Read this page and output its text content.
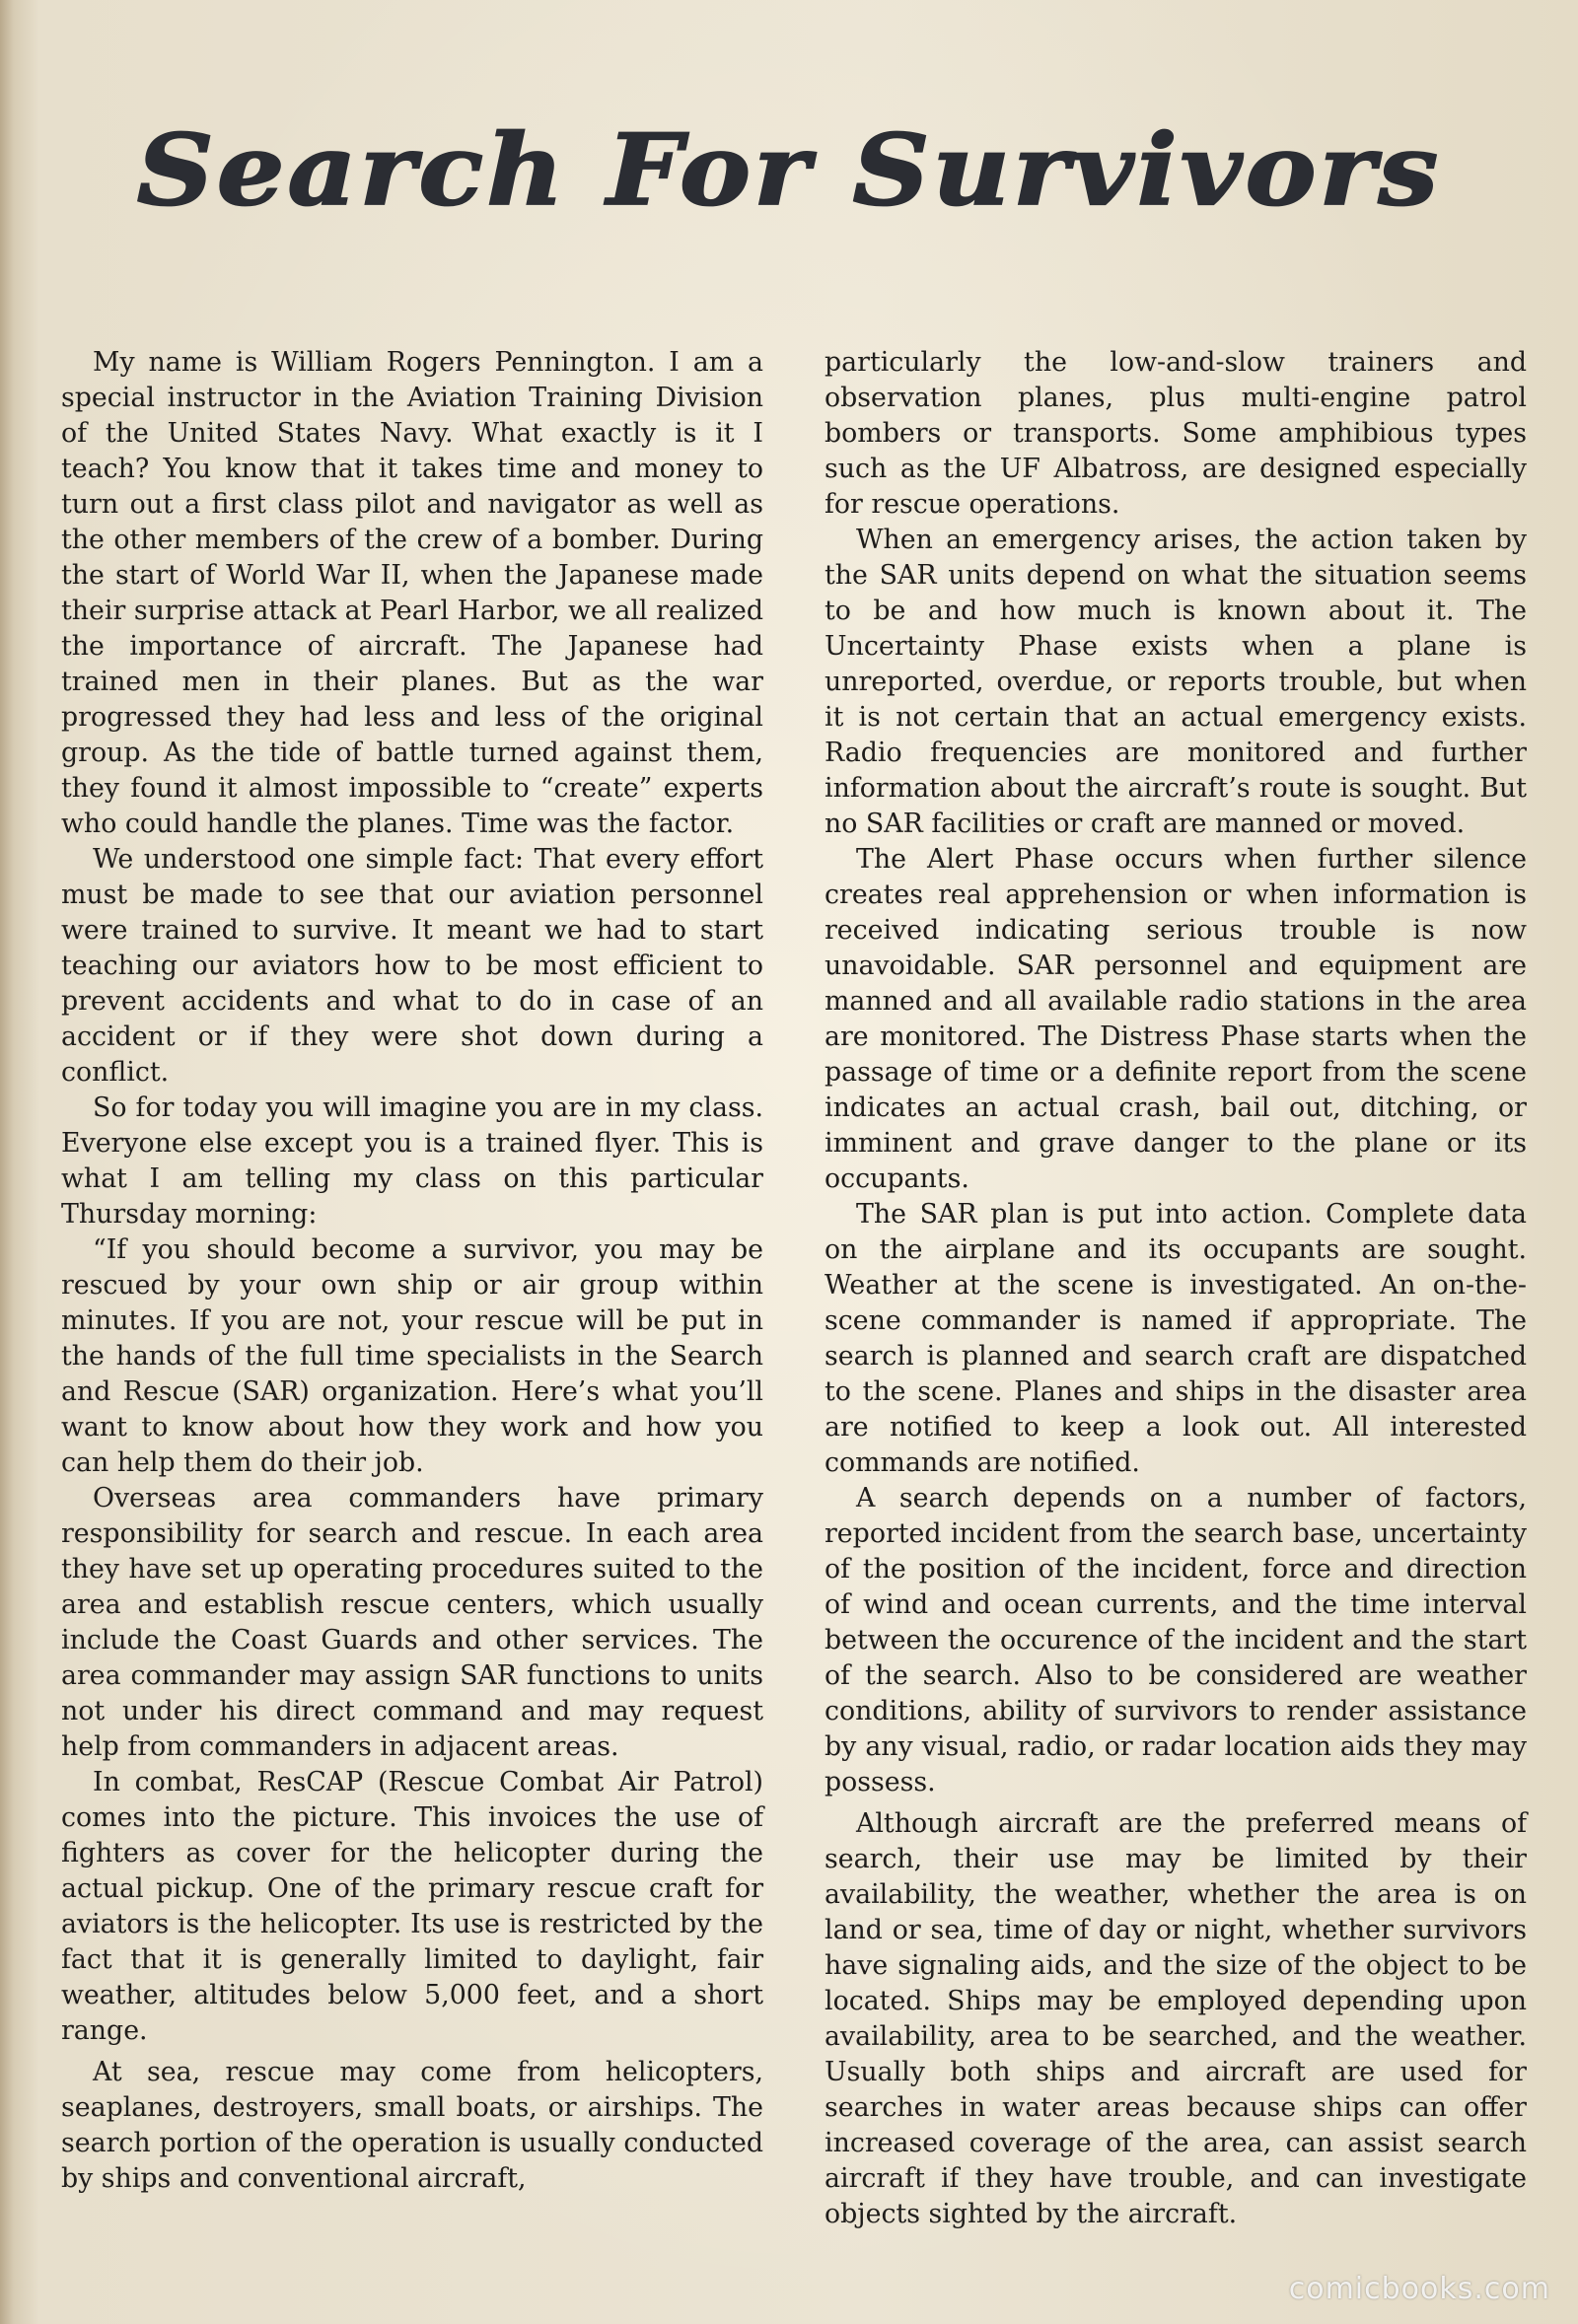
Search For Survivors

My name is William Rogers Pennington. I am a special instructor in the Aviation Training Division of the United States Navy. What exactly is it I teach? You know that it takes time and money to turn out a first class pilot and navigator as well as the other members of the crew of a bomber. During the start of World War II, when the Japanese made their surprise attack at Pearl Harbor, we all realized the importance of aircraft. The Japanese had trained men in their planes. But as the war progressed they had less and less of the original group. As the tide of battle turned against them, they found it almost impossible to “create” experts who could handle the planes. Time was the factor.

We understood one simple fact: That every effort must be made to see that our aviation personnel were trained to survive. It meant we had to start teaching our aviators how to be most efficient to prevent accidents and what to do in case of an accident or if they were shot down during a conflict.

So for today you will imagine you are in my class. Everyone else except you is a trained flyer. This is what I am telling my class on this particular Thursday morning:

“If you should become a survivor, you may be rescued by your own ship or air group within minutes. If you are not, your rescue will be put in the hands of the full time specialists in the Search and Rescue (SAR) organization. Here’s what you’ll want to know about how they work and how you can help them do their job.

Overseas area commanders have primary responsibility for search and rescue. In each area they have set up operating procedures suited to the area and establish rescue centers, which usually include the Coast Guards and other services. The area commander may assign SAR functions to units not under his direct command and may request help from commanders in adjacent areas.

In combat, ResCAP (Rescue Combat Air Patrol) comes into the picture. This invoices the use of fighters as cover for the helicopter during the actual pickup. One of the primary rescue craft for aviators is the helicopter. Its use is restricted by the fact that it is generally limited to daylight, fair weather, altitudes below 5,000 feet, and a short range.

At sea, rescue may come from helicopters, seaplanes, destroyers, small boats, or airships. The search portion of the operation is usually conducted by ships and conventional aircraft,

particularly the low-and-slow trainers and observation planes, plus multi-engine patrol bombers or transports. Some amphibious types such as the UF Albatross, are designed especially for rescue operations.

When an emergency arises, the action taken by the SAR units depend on what the situation seems to be and how much is known about it. The Uncertainty Phase exists when a plane is unreported, overdue, or reports trouble, but when it is not certain that an actual emergency exists. Radio frequencies are monitored and further information about the aircraft’s route is sought. But no SAR facilities or craft are manned or moved.

The Alert Phase occurs when further silence creates real apprehension or when information is received indicating serious trouble is now unavoidable. SAR personnel and equipment are manned and all available radio stations in the area are monitored. The Distress Phase starts when the passage of time or a definite report from the scene indicates an actual crash, bail out, ditching, or imminent and grave danger to the plane or its occupants.

The SAR plan is put into action. Complete data on the airplane and its occupants are sought. Weather at the scene is investigated. An on-the-scene commander is named if appropriate. The search is planned and search craft are dispatched to the scene. Planes and ships in the disaster area are notified to keep a look out. All interested commands are notified.

A search depends on a number of factors, reported incident from the search base, uncertainty of the position of the incident, force and direction of wind and ocean currents, and the time interval between the occurence of the incident and the start of the search. Also to be considered are weather conditions, ability of survivors to render assistance by any visual, radio, or radar location aids they may possess.

Although aircraft are the preferred means of search, their use may be limited by their availability, the weather, whether the area is on land or sea, time of day or night, whether survivors have signaling aids, and the size of the object to be located. Ships may be employed depending upon availability, area to be searched, and the weather. Usually both ships and aircraft are used for searches in water areas because ships can offer increased coverage of the area, can assist search aircraft if they have trouble, and can investigate objects sighted by the aircraft.

comicbooks.com
